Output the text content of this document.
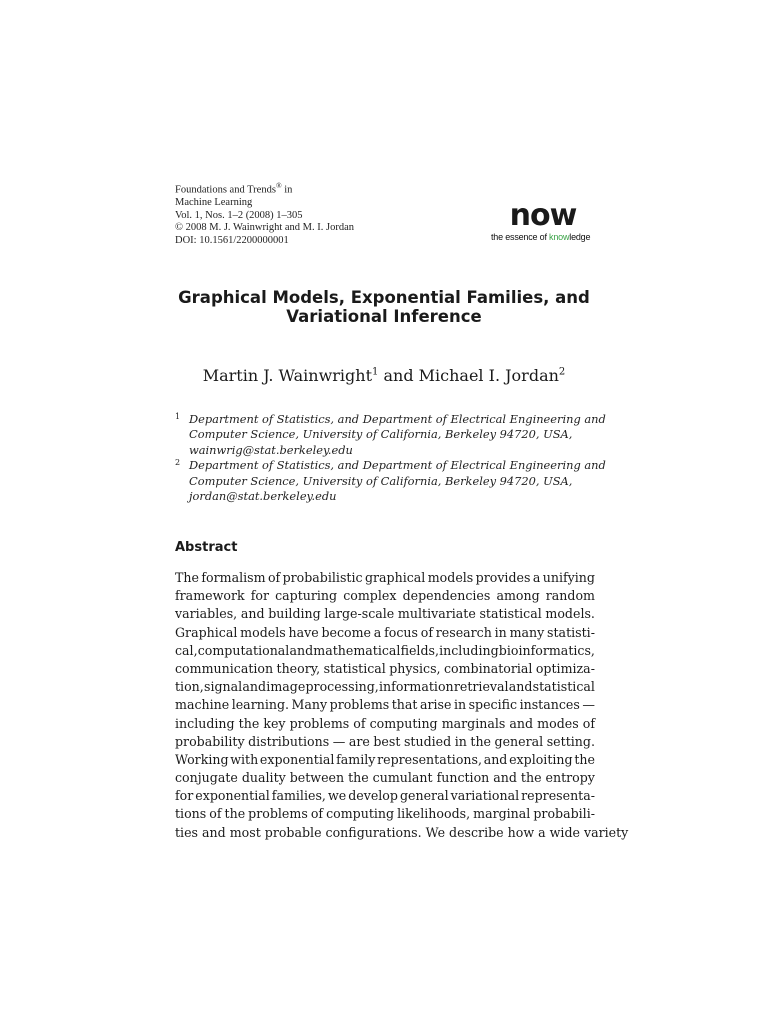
Foundations and Trends® in
Machine Learning
Vol. 1, Nos. 1–2 (2008) 1–305
© 2008 M. J. Wainwright and M. I. Jordan
DOI: 10.1561/2200000001
now
the essence of knowledge
Graphical Models, Exponential Families, and
Variational Inference
Martin J. Wainwright$^1$ and Michael I. Jordan$^2$
1 Department of Statistics, and Department of Electrical Engineering and
Computer Science, University of California, Berkeley 94720, USA,
wainwrig@stat.berkeley.edu
2 Department of Statistics, and Department of Electrical Engineering and
Computer Science, University of California, Berkeley 94720, USA,
jordan@stat.berkeley.edu
Abstract
The formalism of probabilistic graphical models provides a unifying
framework for capturing complex dependencies among random
variables, and building large-scale multivariate statistical models.
Graphical models have become a focus of research in many statisti-
cal, computational and mathematical fields, including bioinformatics,
communication theory, statistical physics, combinatorial optimiza-
tion, signal and image processing, information retrieval and statistical
machine learning. Many problems that arise in specific instances —
including the key problems of computing marginals and modes of
probability distributions — are best studied in the general setting.
Working with exponential family representations, and exploiting the
conjugate duality between the cumulant function and the entropy
for exponential families, we develop general variational representa-
tions of the problems of computing likelihoods, marginal probabili-
ties and most probable configurations. We describe how a wide variety
